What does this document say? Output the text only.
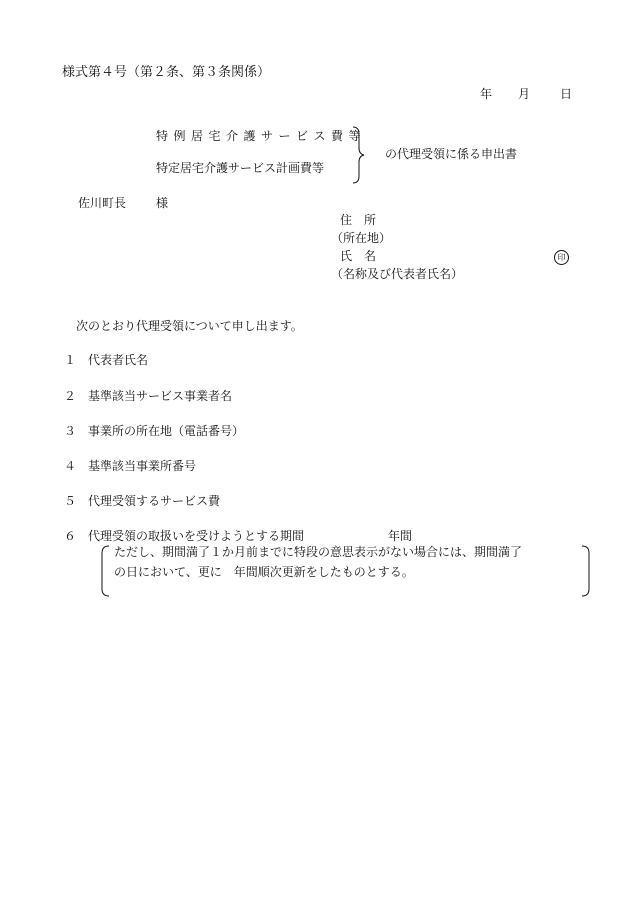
様式第４号（第２条、第３条関係）
年 月 日
特例居宅介護サービス費等
特定居宅介護サービス計画費等
の代理受領に係る申出書
佐川町長 様
住　所
（所在地）
氏　名	印
（名称及び代表者氏名）
次のとおり代理受領について申し出ます。
１ 代表者氏名
２ 基準該当サービス事業者名
３ 事業所の所在地（電話番号）
４ 基準該当事業所番号
５ 代理受領するサービス費
６ 代理受領の取扱いを受けようとする期間	年間
ただし、期間満了１か月前までに特段の意思表示がない場合には、期間満了
の日において、更に　年間順次更新をしたものとする。
